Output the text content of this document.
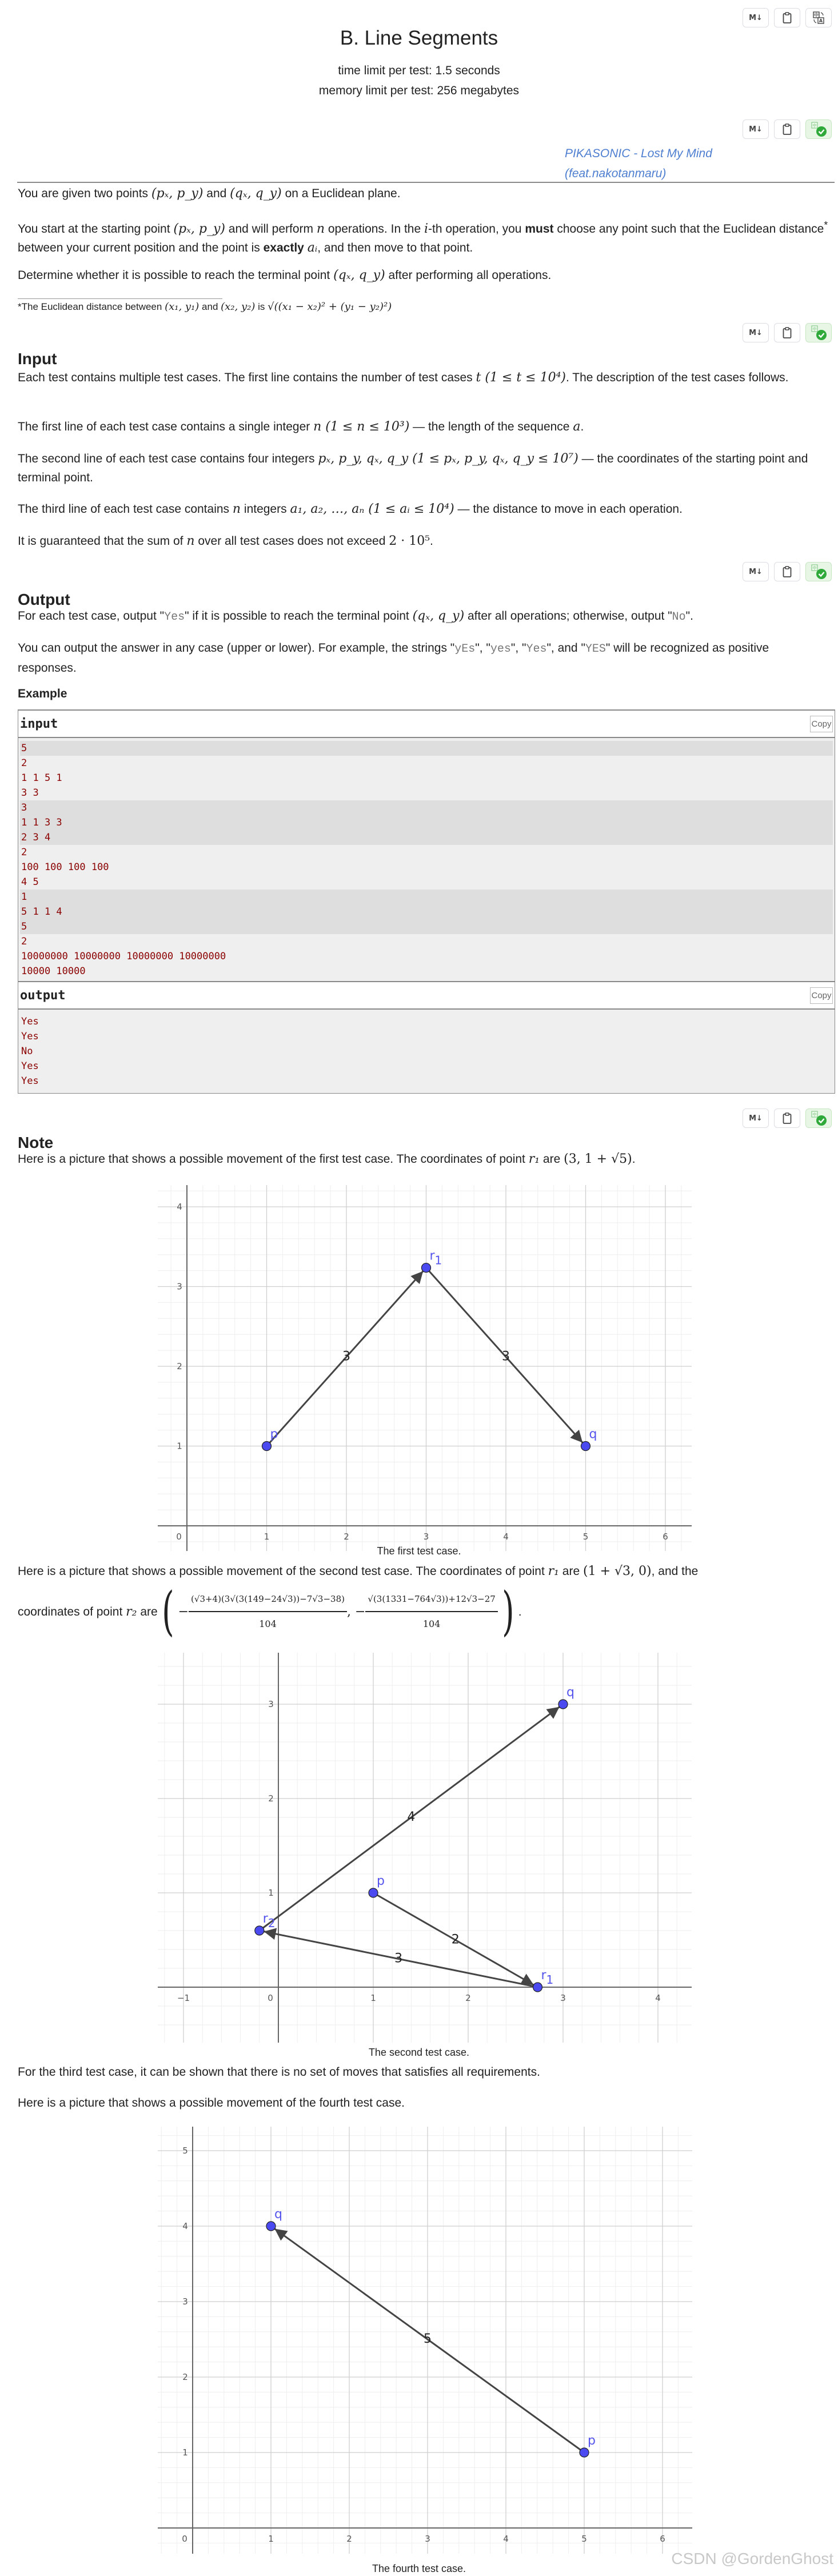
M↓	中
A
B. Line Segments
time limit per test: 1.5 seconds
memory limit per test: 256 megabytes
M↓	中
PIKASONIC - Lost My Mind
(feat.nakotanmaru)
You are given two points (pₓ, p_y) and (qₓ, q_y) on a Euclidean plane.
You start at the starting point (pₓ, p_y) and will perform n operations. In the i-th operation, you must choose any point such that the Euclidean distance* between your current position and the point is exactly aᵢ, and then move to that point.
Determine whether it is possible to reach the terminal point (qₓ, q_y) after performing all operations.
*The Euclidean distance between (x₁, y₁) and (x₂, y₂) is √((x₁ − x₂)² + (y₁ − y₂)²)
M↓	中
Input
Each test contains multiple test cases. The first line contains the number of test cases t (1 ≤ t ≤ 10⁴). The description of the test cases follows.
The first line of each test case contains a single integer n (1 ≤ n ≤ 10³) — the length of the sequence a.
The second line of each test case contains four integers pₓ, p_y, qₓ, q_y (1 ≤ pₓ, p_y, qₓ, q_y ≤ 10⁷) — the coordinates of the starting point and terminal point.
The third line of each test case contains n integers a₁, a₂, …, aₙ (1 ≤ aᵢ ≤ 10⁴) — the distance to move in each operation.
It is guaranteed that the sum of n over all test cases does not exceed 2 · 10⁵.
M↓	中
Output
For each test case, output "Yes" if it is possible to reach the terminal point (qₓ, q_y) after all operations; otherwise, output "No".
You can output the answer in any case (upper or lower). For example, the strings "yEs", "yes", "Yes", and "YES" will be recognized as positive responses.
Example
input	Copy
5
2
1 1 5 1
3 3
3
1 1 3 3
2 3 4
2
100 100 100 100
4 5
1
5 1 1 4
5
2
10000000 10000000 10000000 10000000
10000 10000
output	Copy
Yes
Yes
No
Yes
Yes
M↓	中
Note
Here is a picture that shows a possible movement of the first test case. The coordinates of point r₁ are (3, 1 + √5).
0	1	2	3	4	5	6
1
2
3
4
3	3
p
r1
q
The first test case.
Here is a picture that shows a possible movement of the second test case. The coordinates of point r₁ are (1 + √3, 0), and the
coordinates of point
r₂
are ( − $\frac{(√3+4)(3√(3(149-24√3))-7√3-38)}{104}$ , − $\frac{√(3(1331-764√3))+12√3-27}{104}$ ) .
−1	0	1	2	3	4
1
2
3
2
3
4
p
r1
r2
q
The second test case.
For the third test case, it can be shown that there is no set of moves that satisfies all requirements.
Here is a picture that shows a possible movement of the fourth test case.
0	1	2	3	4	5	6
1
2
3
4
5
5
p
q
The fourth test case.
CSDN @GordenGhost
